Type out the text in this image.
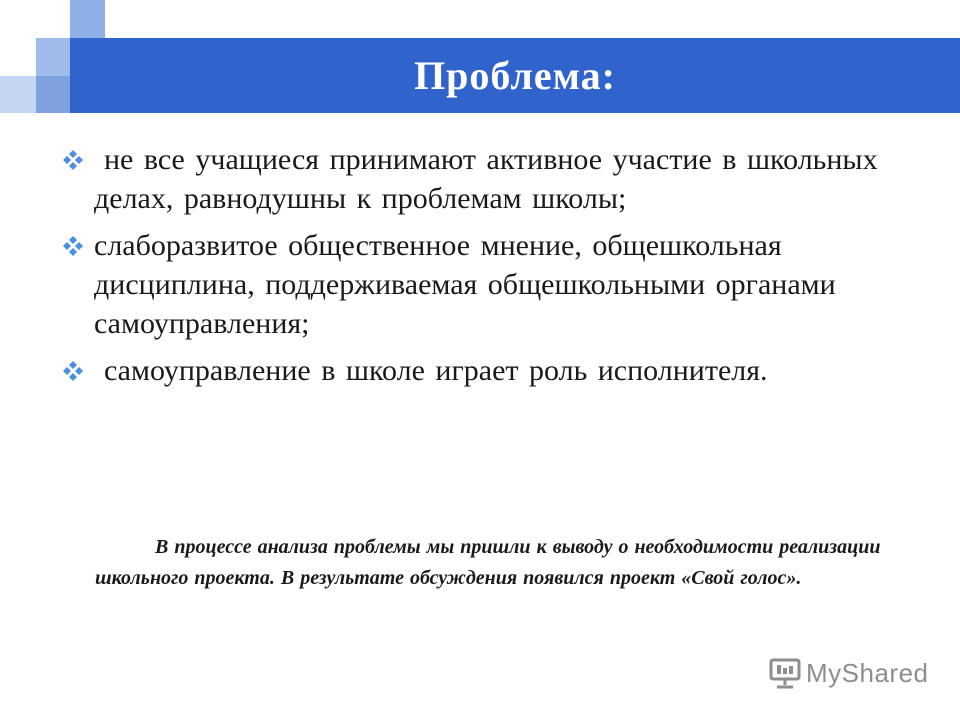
Проблема:
не все учащиеся принимают активное участие в школьных делах, равнодушны к проблемам школы;
слаборазвитое общественное мнение, общешкольная дисциплина, поддерживаемая общешкольными органами самоуправления;
самоуправление в школе играет роль исполнителя.

В процессе анализа проблемы мы пришли к выводу о необходимости реализации школьного проекта. В результате обсуждения появился проект «Свой голос».

MyShared
